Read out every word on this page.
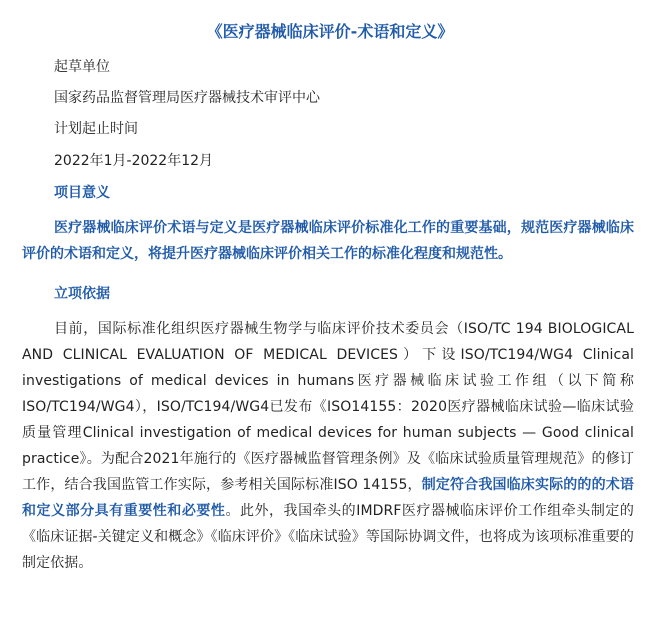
《医疗器械临床评价-术语和定义》
起草单位
国家药品监督管理局医疗器械技术审评中心
计划起止时间
2022年1月-2022年12月
项目意义
医疗器械临床评价术语与定义是医疗器械临床评价标准化工作的重要基础，规范医疗器械临床评价的术语和定义，将提升医疗器械临床评价相关工作的标准化程度和规范性。
立项依据
目前，国际标准化组织医疗器械生物学与临床评价技术委员会（ISO/TC 194 BIOLOGICAL AND CLINICAL EVALUATION OF MEDICAL DEVICES）下设ISO/TC194/WG4 Clinical investigations of medical devices in humans医疗器械临床试验工作组（以下简称ISO/TC194/WG4），ISO/TC194/WG4已发布《ISO14155：2020医疗器械临床试验—临床试验质量管理Clinical investigation of medical devices for human subjects — Good clinical practice》。为配合2021年施行的《医疗器械监督管理条例》及《临床试验质量管理规范》的修订工作，结合我国监管工作实际，参考相关国际标准ISO 14155，制定符合我国临床实际的的的术语和定义部分具有重要性和必要性。此外，我国牵头的IMDRF医疗器械临床评价工作组牵头制定的《临床证据-关键定义和概念》《临床评价》《临床试验》等国际协调文件，也将成为该项标准重要的制定依据。
